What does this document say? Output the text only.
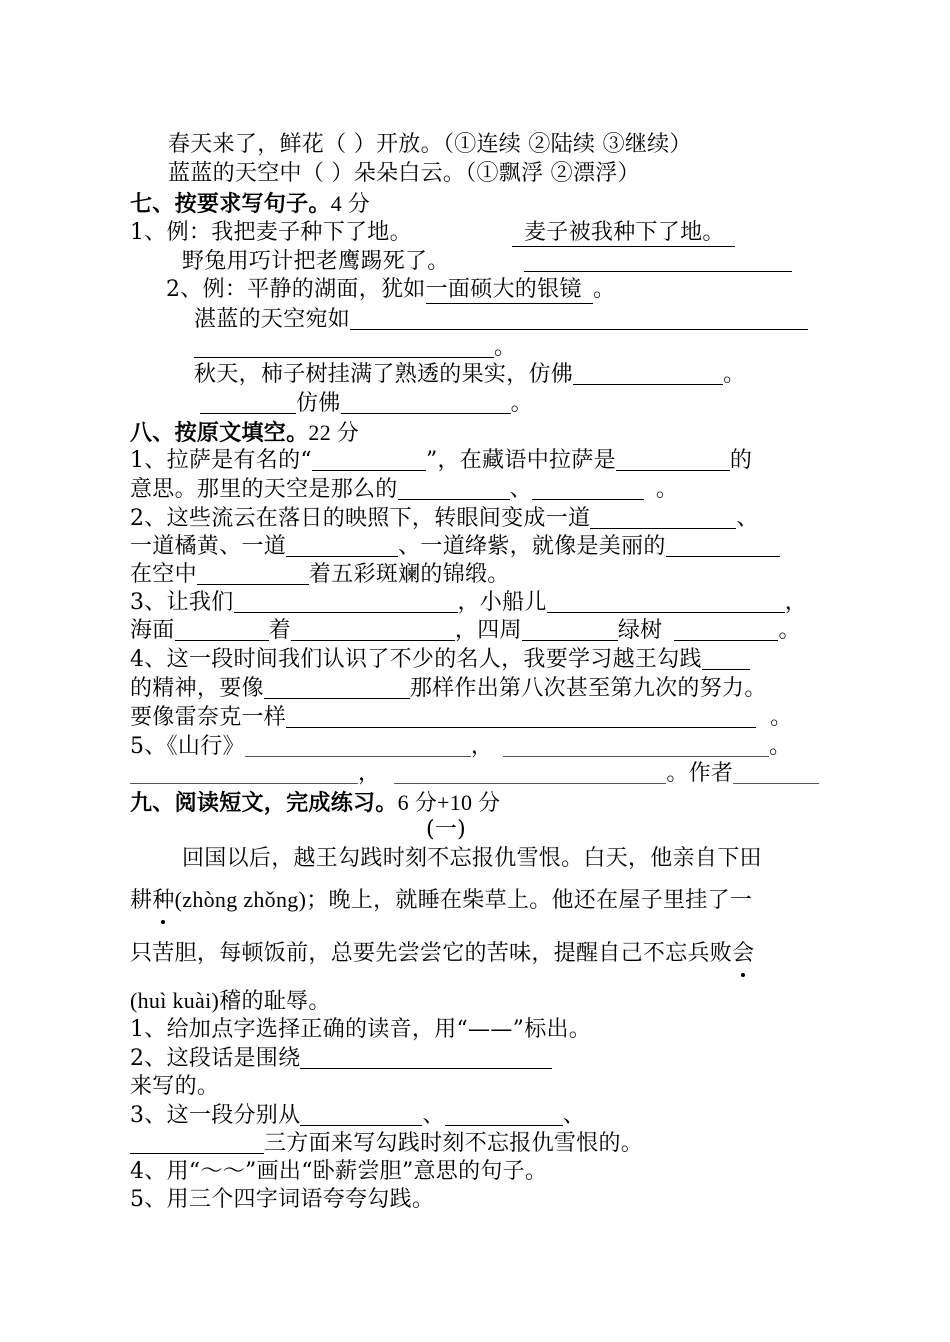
春天来了，鲜花（ ）开放。（①连续 ②陆续 ③继续）
蓝蓝的天空中（ ）朵朵白云。（①飘浮 ②漂浮）
七、按要求写句子。4 分
1、例：我把麦子种下了地。	麦子被我种下了地。
野兔用巧计把老鹰踢死了。
2、例：平静的湖面，犹如一面硕大的银镜 。
湛蓝的天空宛如
。
秋天，柿子树挂满了熟透的果实，仿佛	。
仿佛	。
八、按原文填空。22 分
1、拉萨是有名的“	”，在藏语中拉萨是	的
意思。那里的天空是那么的	、	。
2、这些流云在落日的映照下，转眼间变成一道	、
一道橘黄、一道	、一道绛紫，就像是美丽的
在空中	着五彩斑斓的锦缎。
3、让我们	，小船儿	，
海面	着	，四周	绿树	。
4、这一段时间我们认识了不少的名人，我要学习越王勾践
的精神，要像	那样作出第八次甚至第九次的努力。
要像雷奈克一样	。
5、《山行》	，	。
，	。作者
九、阅读短文，完成练习。6 分+10 分
(一)
回国以后，越王勾践时刻不忘报仇雪恨。白天，他亲自下田
耕种(zhòng zhǒng)；晚上，就睡在柴草上。他还在屋子里挂了一
只苦胆，每顿饭前，总要先尝尝它的苦味，提醒自己不忘兵败会
(huì kuài)稽的耻辱。
1、给加点字选择正确的读音，用“——”标出。
2、这段话是围绕
来写的。
3、这一段分别从	、	、
三方面来写勾践时刻不忘报仇雪恨的。
4、用“～～”画出“卧薪尝胆”意思的句子。
5、用三个四字词语夸夸勾践。
